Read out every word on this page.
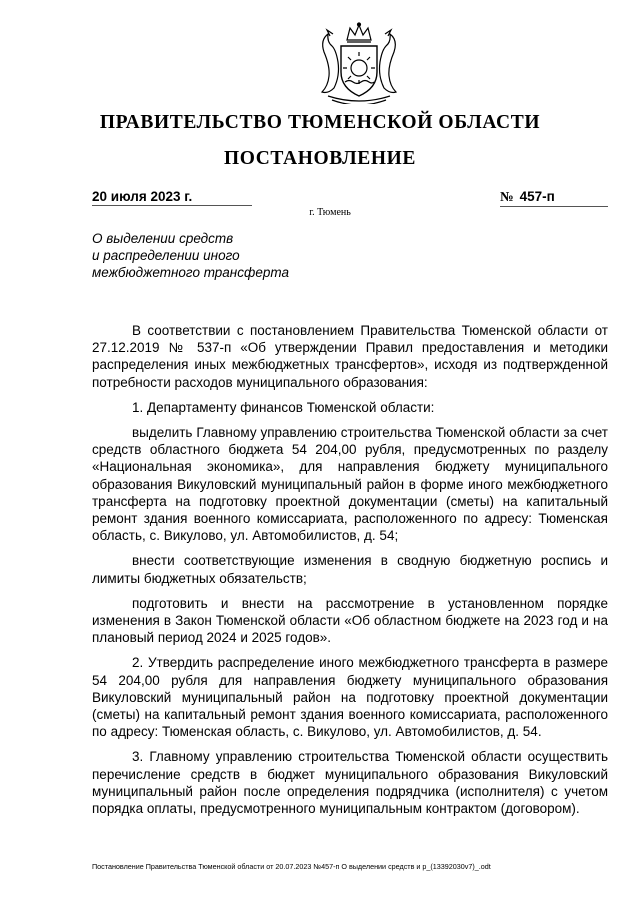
ПРАВИТЕЛЬСТВО ТЮМЕНСКОЙ ОБЛАСТИ
ПОСТАНОВЛЕНИЕ
20 июля 2023 г.	№ 457-п
г. Тюмень
О выделении средств
и распределении иного
межбюджетного трансферта

В соответствии с постановлением Правительства Тюменской области от 27.12.2019 № 537-п «Об утверждении Правил предоставления и методики распределения иных межбюджетных трансфертов», исходя из подтвержденной потребности расходов муниципального образования:

1. Департаменту финансов Тюменской области:

выделить Главному управлению строительства Тюменской области за счет средств областного бюджета 54 204,00 рубля, предусмотренных по разделу «Национальная экономика», для направления бюджету муниципального образования Викуловский муниципальный район в форме иного межбюджетного трансферта на подготовку проектной документации (сметы) на капитальный ремонт здания военного комиссариата, расположенного по адресу: Тюменская область, с. Викулово, ул. Автомобилистов, д. 54;

внести соответствующие изменения в сводную бюджетную роспись и лимиты бюджетных обязательств;

подготовить и внести на рассмотрение в установленном порядке изменения в Закон Тюменской области «Об областном бюджете на 2023 год и на плановый период 2024 и 2025 годов».

2. Утвердить распределение иного межбюджетного трансферта в размере 54 204,00 рубля для направления бюджету муниципального образования Викуловский муниципальный район на подготовку проектной документации (сметы) на капитальный ремонт здания военного комиссариата, расположенного по адресу: Тюменская область, с. Викулово, ул. Автомобилистов, д. 54.

3. Главному управлению строительства Тюменской области осуществить перечисление средств в бюджет муниципального образования Викуловский муниципальный район после определения подрядчика (исполнителя) с учетом порядка оплаты, предусмотренного муниципальным контрактом (договором).

Постановление Правительства Тюменской области от 20.07.2023 №457-п О выделении средств и р_(13392030v7)_.odt
